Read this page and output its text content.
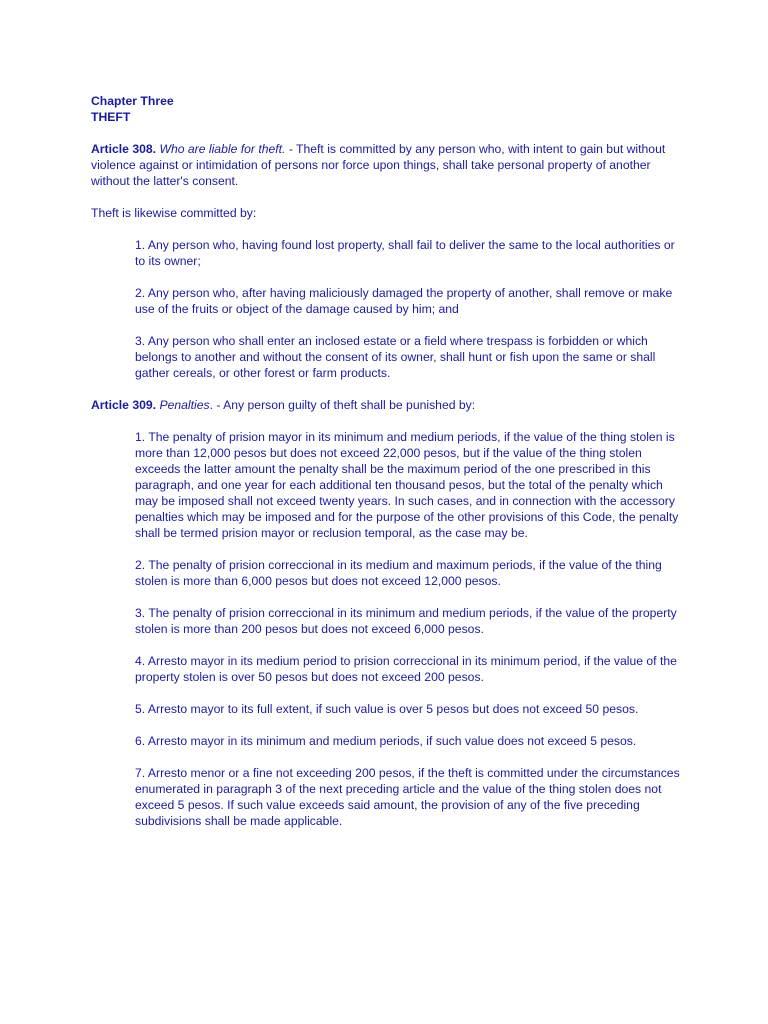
Chapter Three

THEFT

Article 308. Who are liable for theft. - Theft is committed by any person who, with intent to gain but without violence against or intimidation of persons nor force upon things, shall take personal property of another without the latter's consent.

Theft is likewise committed by:

1. Any person who, having found lost property, shall fail to deliver the same to the local authorities or to its owner;

2. Any person who, after having maliciously damaged the property of another, shall remove or make use of the fruits or object of the damage caused by him; and

3. Any person who shall enter an inclosed estate or a field where trespass is forbidden or which belongs to another and without the consent of its owner, shall hunt or fish upon the same or shall gather cereals, or other forest or farm products.

Article 309. Penalties. - Any person guilty of theft shall be punished by:

1. The penalty of prision mayor in its minimum and medium periods, if the value of the thing stolen is more than 12,000 pesos but does not exceed 22,000 pesos, but if the value of the thing stolen exceeds the latter amount the penalty shall be the maximum period of the one prescribed in this paragraph, and one year for each additional ten thousand pesos, but the total of the penalty which may be imposed shall not exceed twenty years. In such cases, and in connection with the accessory penalties which may be imposed and for the purpose of the other provisions of this Code, the penalty shall be termed prision mayor or reclusion temporal, as the case may be.

2. The penalty of prision correccional in its medium and maximum periods, if the value of the thing stolen is more than 6,000 pesos but does not exceed 12,000 pesos.

3. The penalty of prision correccional in its minimum and medium periods, if the value of the property stolen is more than 200 pesos but does not exceed 6,000 pesos.

4. Arresto mayor in its medium period to prision correccional in its minimum period, if the value of the property stolen is over 50 pesos but does not exceed 200 pesos.

5. Arresto mayor to its full extent, if such value is over 5 pesos but does not exceed 50 pesos.

6. Arresto mayor in its minimum and medium periods, if such value does not exceed 5 pesos.

7. Arresto menor or a fine not exceeding 200 pesos, if the theft is committed under the circumstances enumerated in paragraph 3 of the next preceding article and the value of the thing stolen does not exceed 5 pesos. If such value exceeds said amount, the provision of any of the five preceding subdivisions shall be made applicable.
